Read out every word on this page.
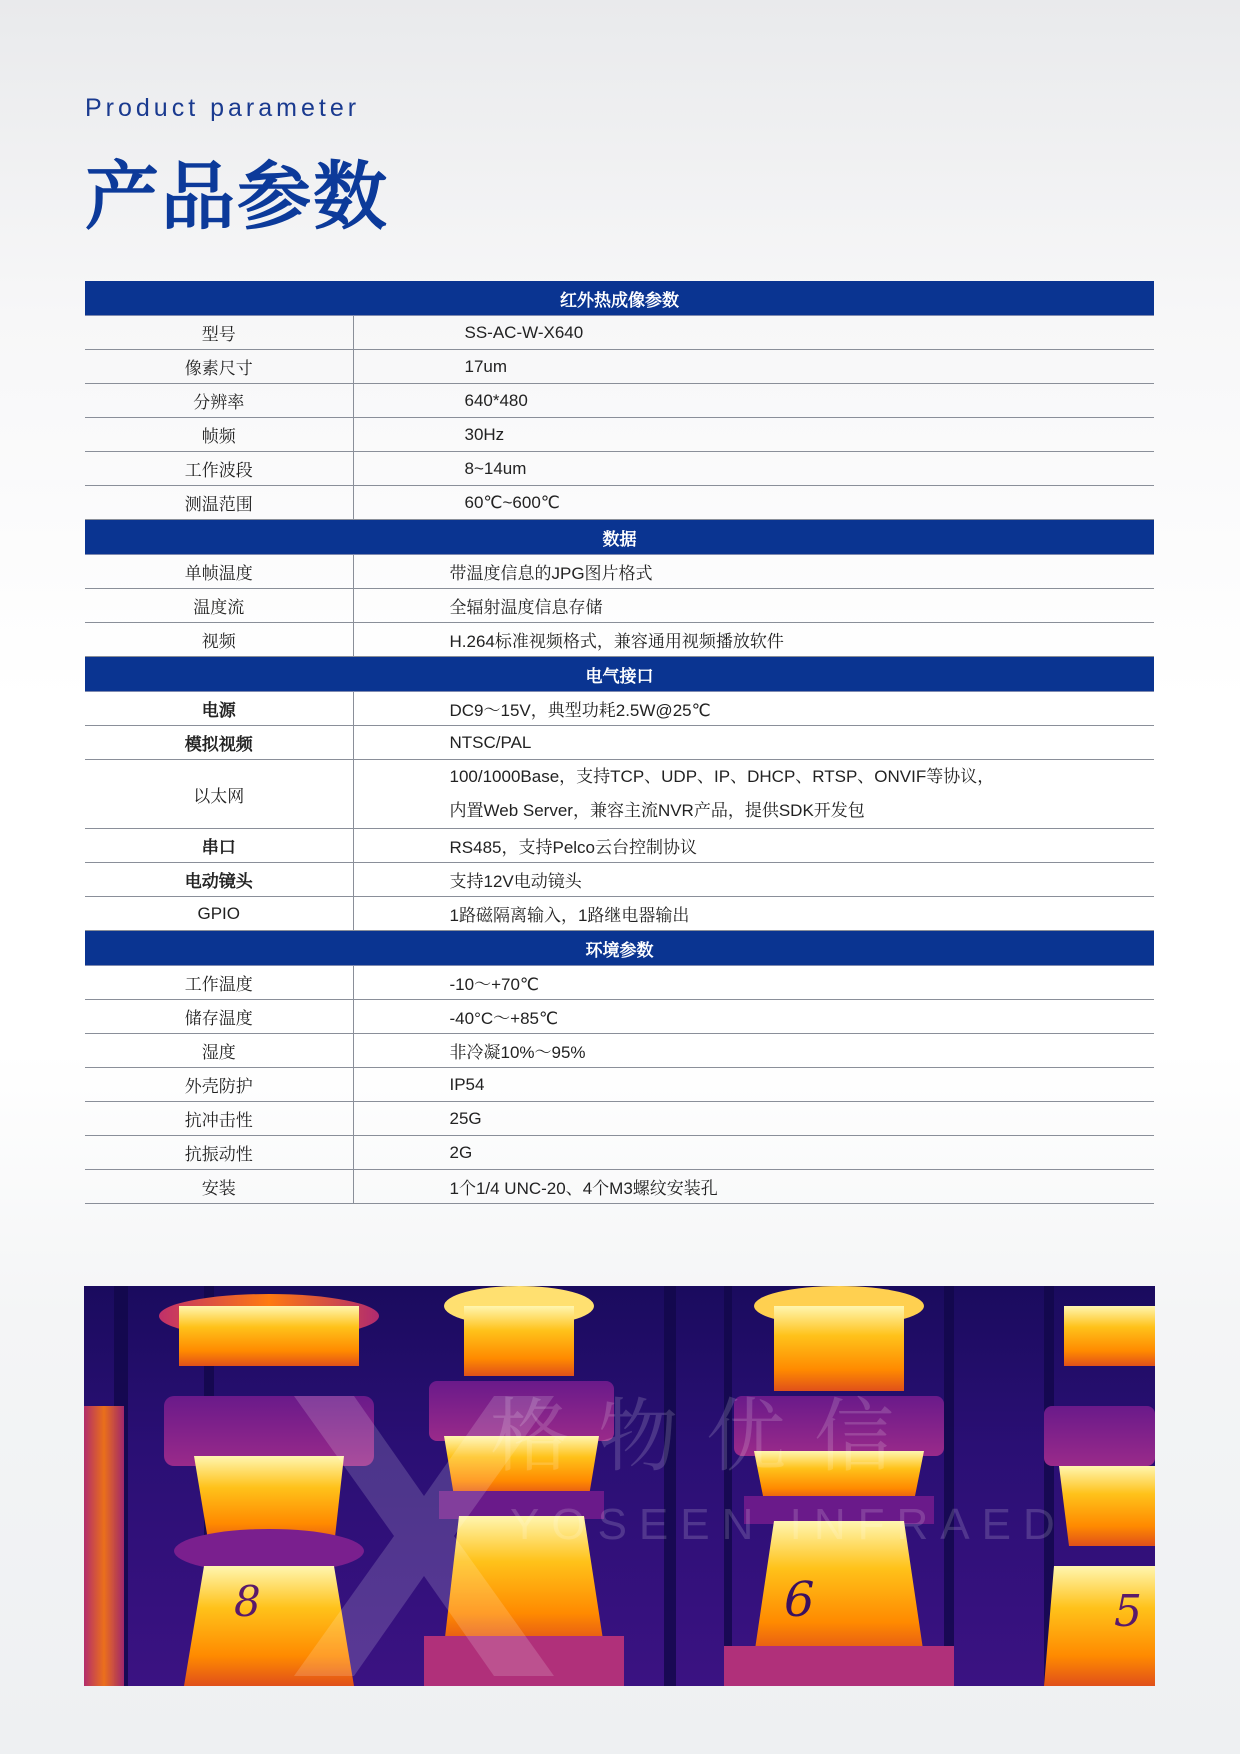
Product parameter
产品参数
红外热成像参数	
型号	SS-AC-W-X640
像素尺寸	17um
分辨率	640*480
帧频	30Hz
工作波段	8~14um
测温范围	60℃~600℃
数据	
单帧温度	带温度信息的JPG图片格式
温度流	全辐射温度信息存储
视频	H.264标准视频格式，兼容通用视频播放软件
电气接口	
电源	DC9～15V，典型功耗2.5W@25℃
模拟视频	NTSC/PAL
以太网	100/1000Base，支持TCP、UDP、IP、DHCP、RTSP、ONVIF等协议，
内置Web Server，兼容主流NVR产品，提供SDK开发包

串口	RS485，支持Pelco云台控制协议
电动镜头	支持12V电动镜头
GPIO	1路磁隔离输入，1路继电器输出
环境参数	
工作温度	-10～+70℃
储存温度	-40°C～+85℃
湿度	非冷凝10%～95%
外壳防护	IP54
抗冲击性	25G
抗振动性	2G
安装	1个1/4 UNC-20、4个M3螺纹安装孔
8	6	5
格物优信
YOSEEN INFRAED
